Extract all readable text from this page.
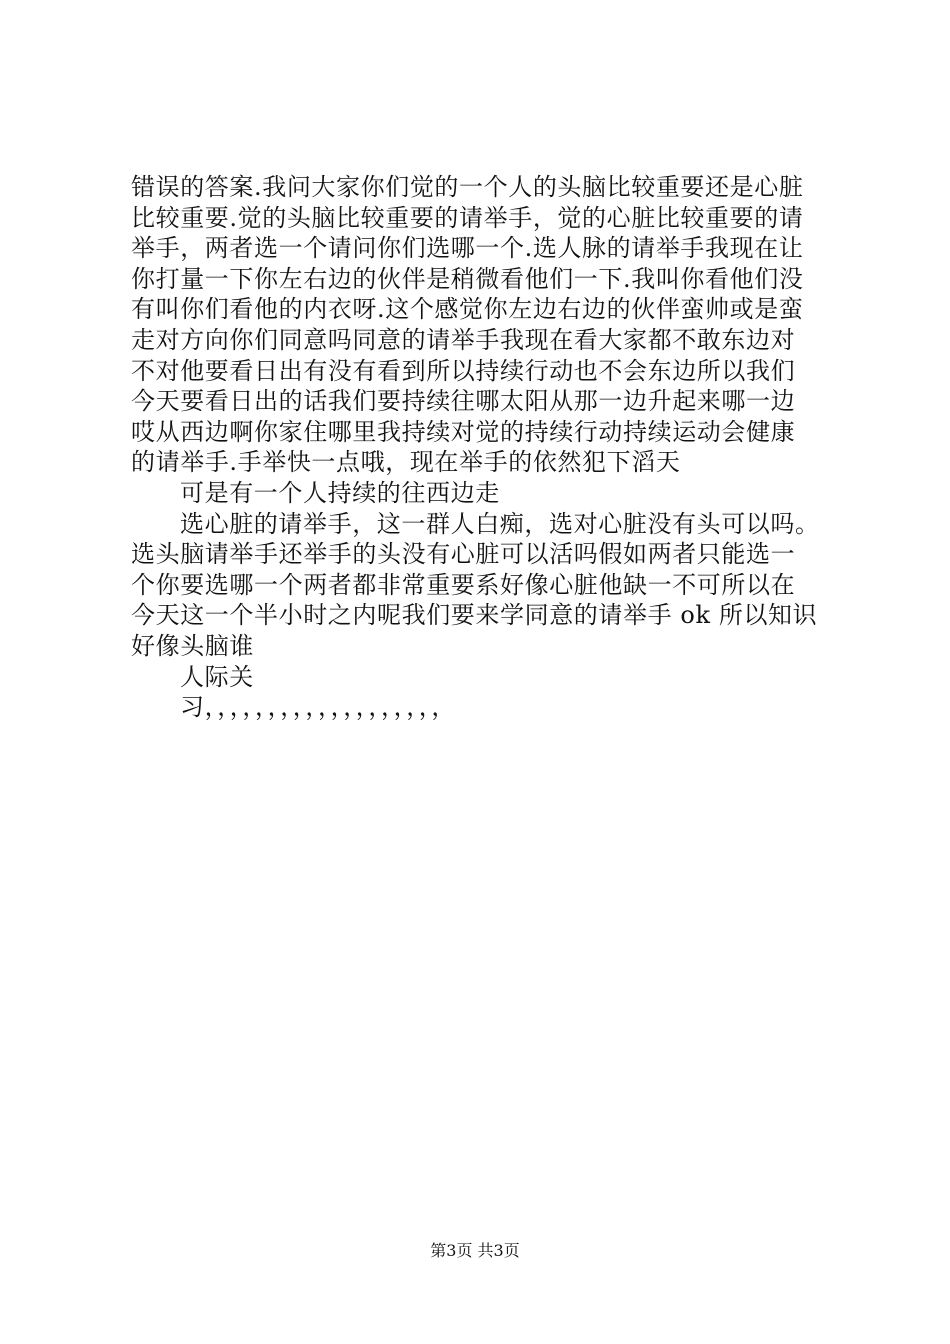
错误的答案.我问大家你们觉的一个人的头脑比较重要还是心脏
比较重要.觉的头脑比较重要的请举手，觉的心脏比较重要的请
举手，两者选一个请问你们选哪一个.选人脉的请举手我现在让
你打量一下你左右边的伙伴是稍微看他们一下.我叫你看他们没
有叫你们看他的内衣呀.这个感觉你左边右边的伙伴蛮帅或是蛮
走对方向你们同意吗同意的请举手我现在看大家都不敢东边对
不对他要看日出有没有看到所以持续行动也不会东边所以我们
今天要看日出的话我们要持续往哪太阳从那一边升起来哪一边
哎从西边啊你家住哪里我持续对觉的持续行动持续运动会健康
的请举手.手举快一点哦，现在举手的依然犯下滔天
可是有一个人持续的往西边走
选心脏的请举手，这一群人白痴，选对心脏没有头可以吗。
选头脑请举手还举手的头没有心脏可以活吗假如两者只能选一
个你要选哪一个两者都非常重要系好像心脏他缺一不可所以在
今天这一个半小时之内呢我们要来学同意的请举手 ok 所以知识
好像头脑谁
人际关
习，，，，，，，，，，，，，，，，，，，
第3页 共3页
